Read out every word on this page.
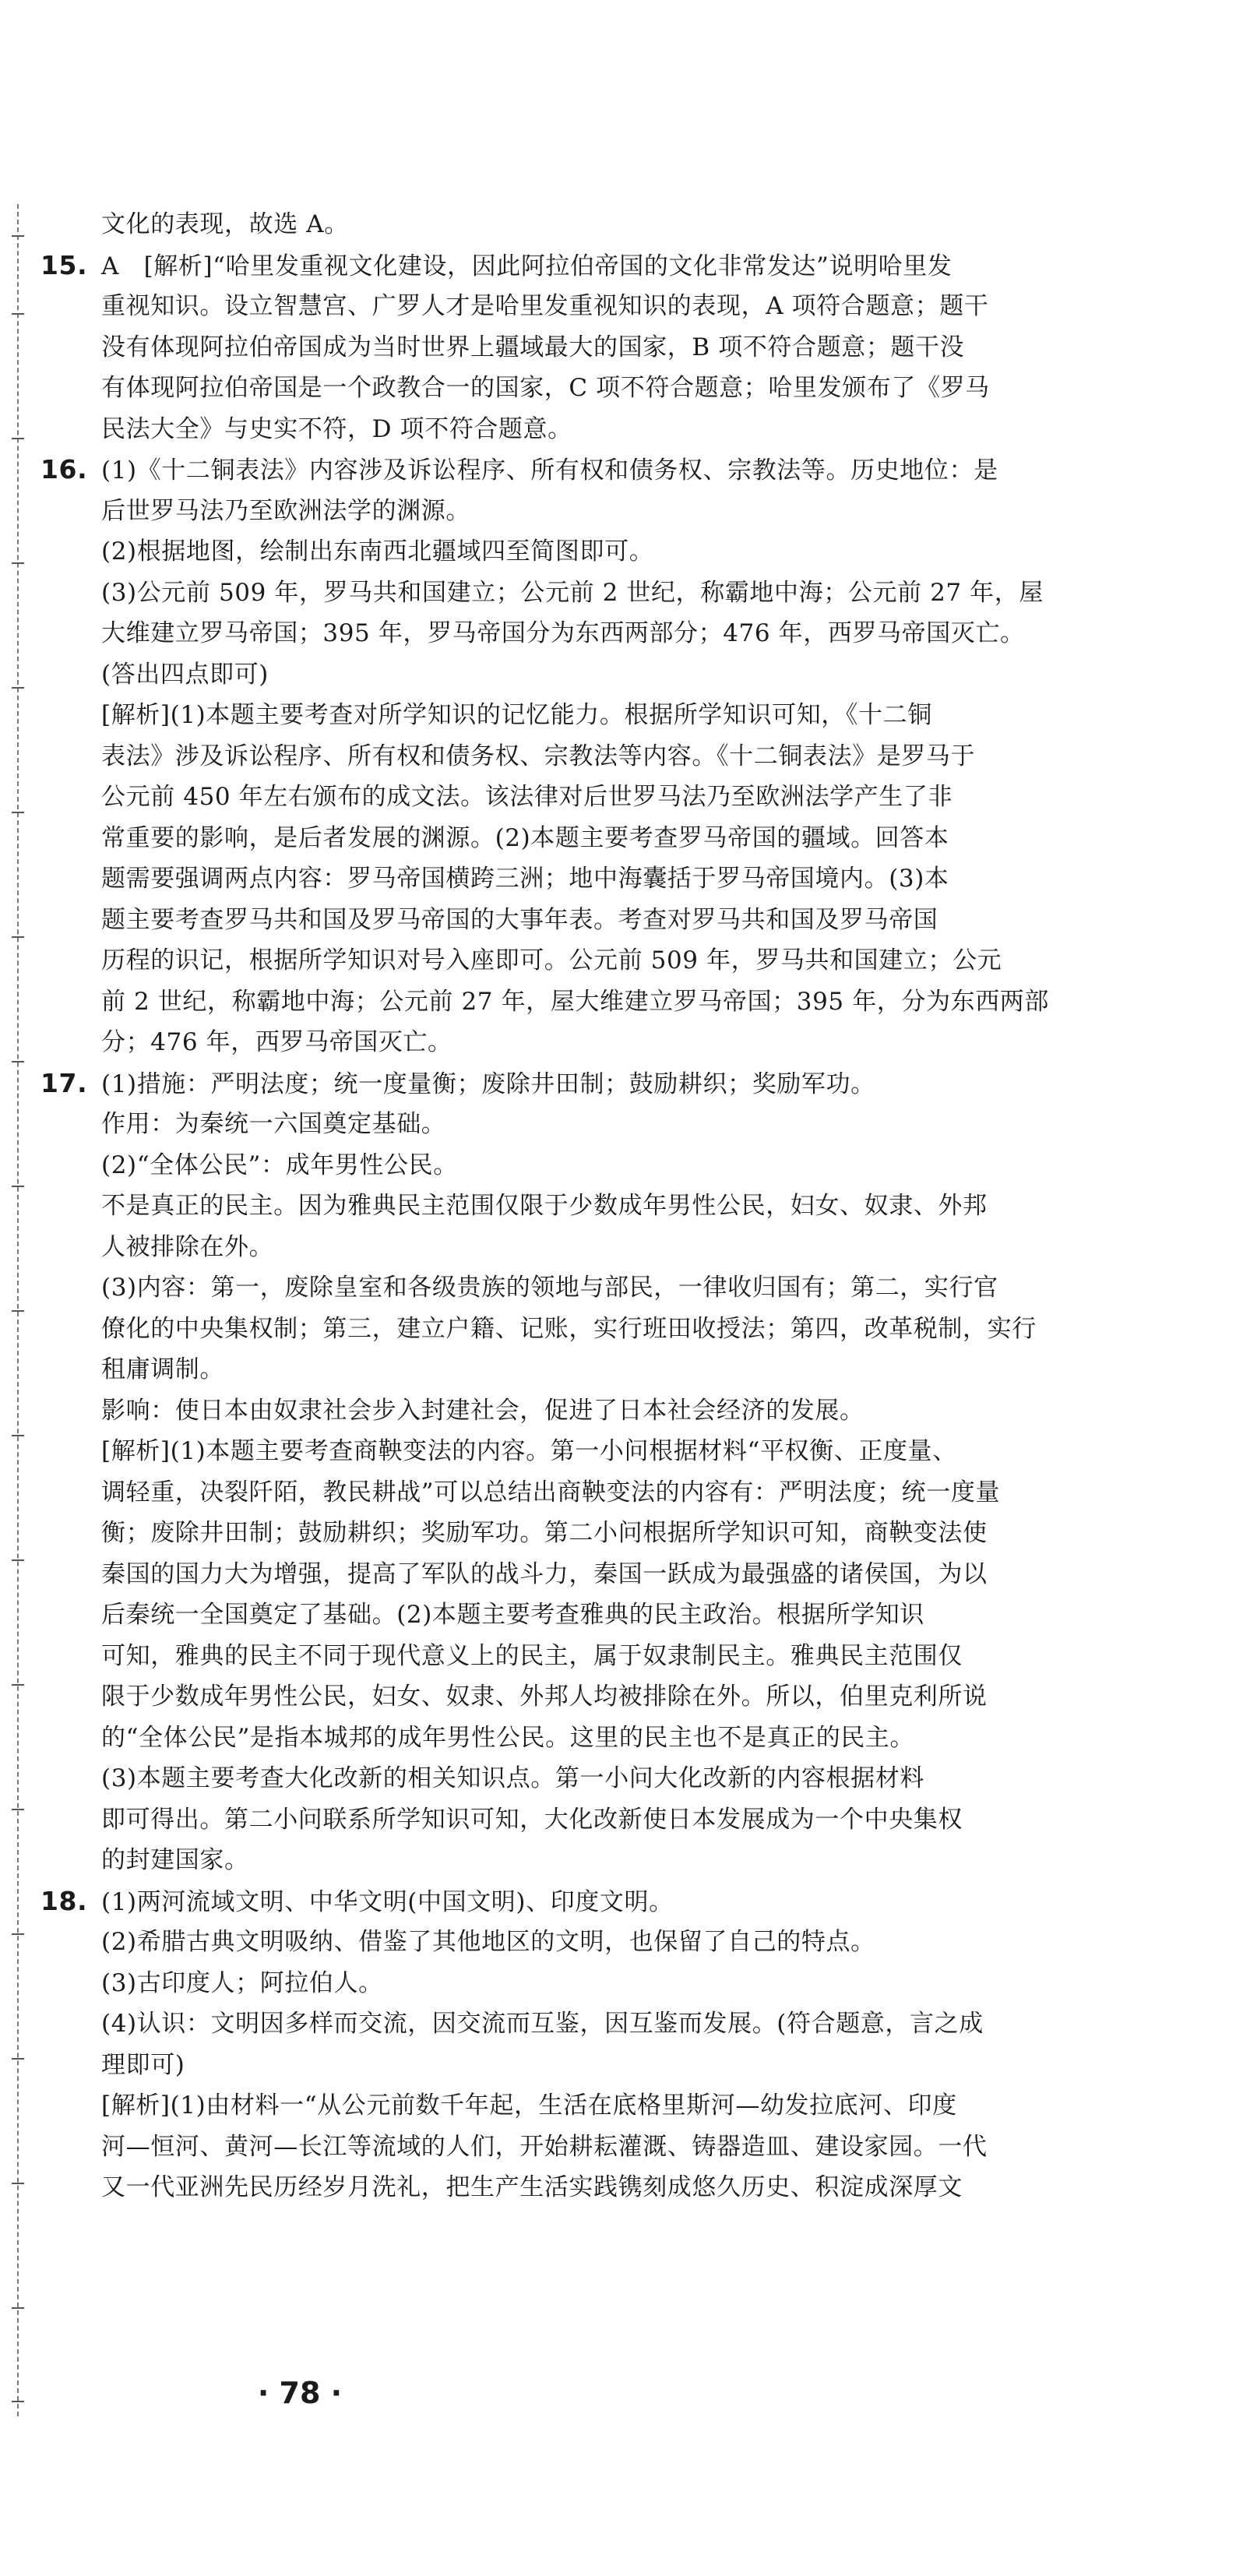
文化的表现，故选 A。
15. A　[解析]“哈里发重视文化建设，因此阿拉伯帝国的文化非常发达”说明哈里发
重视知识。设立智慧宫、广罗人才是哈里发重视知识的表现，A 项符合题意；题干
没有体现阿拉伯帝国成为当时世界上疆域最大的国家，B 项不符合题意；题干没
有体现阿拉伯帝国是一个政教合一的国家，C 项不符合题意；哈里发颁布了《罗马
民法大全》与史实不符，D 项不符合题意。
16. (1)《十二铜表法》内容涉及诉讼程序、所有权和债务权、宗教法等。历史地位：是
后世罗马法乃至欧洲法学的渊源。
(2)根据地图，绘制出东南西北疆域四至简图即可。
(3)公元前 509 年，罗马共和国建立；公元前 2 世纪，称霸地中海；公元前 27 年，屋
大维建立罗马帝国；395 年，罗马帝国分为东西两部分；476 年，西罗马帝国灭亡。
(答出四点即可)
[解析](1)本题主要考查对所学知识的记忆能力。根据所学知识可知，《十二铜
表法》涉及诉讼程序、所有权和债务权、宗教法等内容。《十二铜表法》是罗马于
公元前 450 年左右颁布的成文法。该法律对后世罗马法乃至欧洲法学产生了非
常重要的影响，是后者发展的渊源。(2)本题主要考查罗马帝国的疆域。回答本
题需要强调两点内容：罗马帝国横跨三洲；地中海囊括于罗马帝国境内。(3)本
题主要考查罗马共和国及罗马帝国的大事年表。考查对罗马共和国及罗马帝国
历程的识记，根据所学知识对号入座即可。公元前 509 年，罗马共和国建立；公元
前 2 世纪，称霸地中海；公元前 27 年，屋大维建立罗马帝国；395 年，分为东西两部
分；476 年，西罗马帝国灭亡。
17. (1)措施：严明法度；统一度量衡；废除井田制；鼓励耕织；奖励军功。
作用：为秦统一六国奠定基础。
(2)“全体公民”：成年男性公民。
不是真正的民主。因为雅典民主范围仅限于少数成年男性公民，妇女、奴隶、外邦
人被排除在外。
(3)内容：第一，废除皇室和各级贵族的领地与部民，一律收归国有；第二，实行官
僚化的中央集权制；第三，建立户籍、记账，实行班田收授法；第四，改革税制，实行
租庸调制。
影响：使日本由奴隶社会步入封建社会，促进了日本社会经济的发展。
[解析](1)本题主要考查商鞅变法的内容。第一小问根据材料“平权衡、正度量、
调轻重，决裂阡陌，教民耕战”可以总结出商鞅变法的内容有：严明法度；统一度量
衡；废除井田制；鼓励耕织；奖励军功。第二小问根据所学知识可知，商鞅变法使
秦国的国力大为增强，提高了军队的战斗力，秦国一跃成为最强盛的诸侯国，为以
后秦统一全国奠定了基础。(2)本题主要考查雅典的民主政治。根据所学知识
可知，雅典的民主不同于现代意义上的民主，属于奴隶制民主。雅典民主范围仅
限于少数成年男性公民，妇女、奴隶、外邦人均被排除在外。所以，伯里克利所说
的“全体公民”是指本城邦的成年男性公民。这里的民主也不是真正的民主。
(3)本题主要考查大化改新的相关知识点。第一小问大化改新的内容根据材料
即可得出。第二小问联系所学知识可知，大化改新使日本发展成为一个中央集权
的封建国家。
18. (1)两河流域文明、中华文明(中国文明)、印度文明。
(2)希腊古典文明吸纳、借鉴了其他地区的文明，也保留了自己的特点。
(3)古印度人；阿拉伯人。
(4)认识：文明因多样而交流，因交流而互鉴，因互鉴而发展。(符合题意，言之成
理即可)
[解析](1)由材料一“从公元前数千年起，生活在底格里斯河—幼发拉底河、印度
河—恒河、黄河—长江等流域的人们，开始耕耘灌溉、铸器造皿、建设家园。一代
又一代亚洲先民历经岁月洗礼，把生产生活实践镌刻成悠久历史、积淀成深厚文
· 78 ·
